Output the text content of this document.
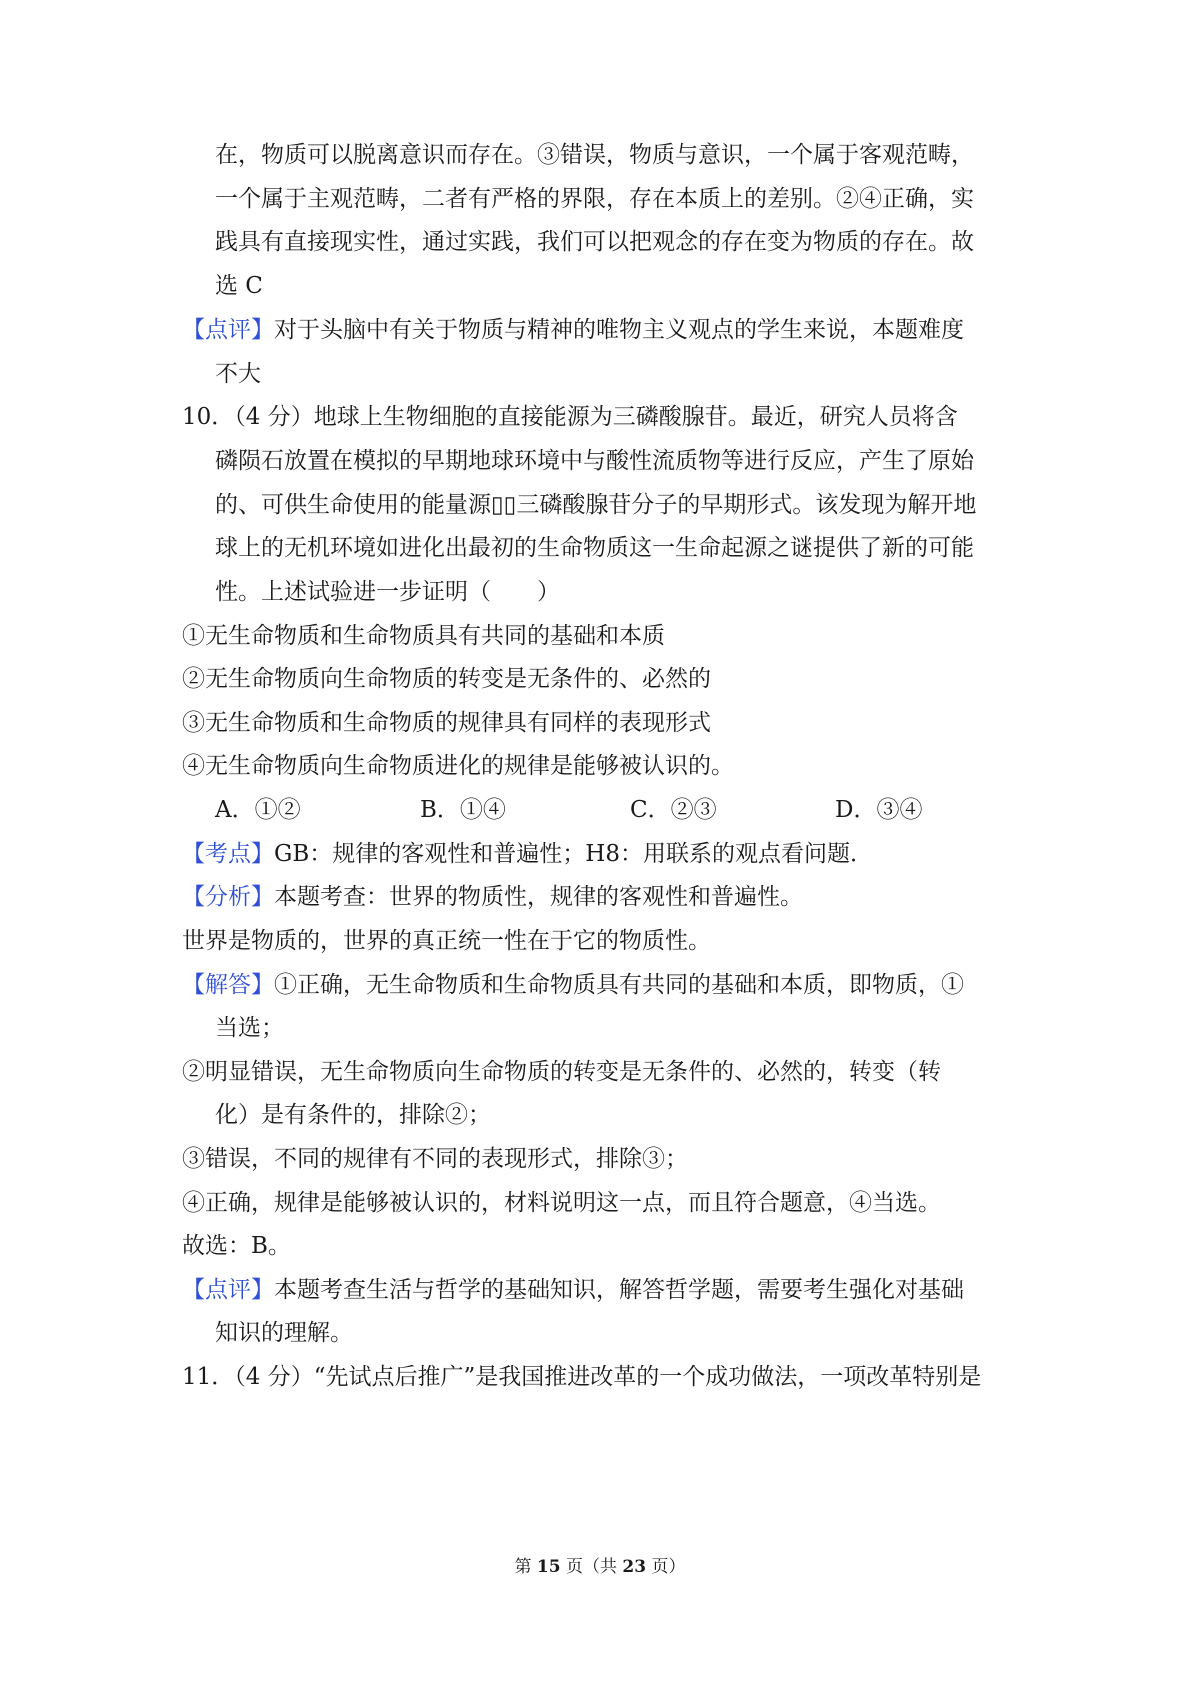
在，物质可以脱离意识而存在。③错误，物质与意识，一个属于客观范畴，
一个属于主观范畴，二者有严格的界限，存在本质上的差别。②④正确，实
践具有直接现实性，通过实践，我们可以把观念的存在变为物质的存在。故
选 C
【点评】对于头脑中有关于物质与精神的唯物主义观点的学生来说，本题难度
不大
10．（4 分）地球上生物细胞的直接能源为三磷酸腺苷。最近，研究人员将含
磷陨石放置在模拟的早期地球环境中与酸性流质物等进行反应，产生了原始
的、可供生命使用的能量源▯▯三磷酸腺苷分子的早期形式。该发现为解开地
球上的无机环境如进化出最初的生命物质这一生命起源之谜提供了新的可能
性。上述试验进一步证明（　　）
①无生命物质和生命物质具有共同的基础和本质
②无生命物质向生命物质的转变是无条件的、必然的
③无生命物质和生命物质的规律具有同样的表现形式
④无生命物质向生命物质进化的规律是能够被认识的。
A．①②	B．①④	C．②③	D．③④
【考点】GB：规律的客观性和普遍性；H8：用联系的观点看问题．
【分析】本题考查：世界的物质性，规律的客观性和普遍性。
世界是物质的，世界的真正统一性在于它的物质性。
【解答】①正确，无生命物质和生命物质具有共同的基础和本质，即物质，①
当选；
②明显错误，无生命物质向生命物质的转变是无条件的、必然的，转变（转
化）是有条件的，排除②；
③错误，不同的规律有不同的表现形式，排除③；
④正确，规律是能够被认识的，材料说明这一点，而且符合题意，④当选。
故选：B。
【点评】本题考查生活与哲学的基础知识，解答哲学题，需要考生强化对基础
知识的理解。
11．（4 分）“先试点后推广”是我国推进改革的一个成功做法，一项改革特别是
第 15 页（共 23 页）
